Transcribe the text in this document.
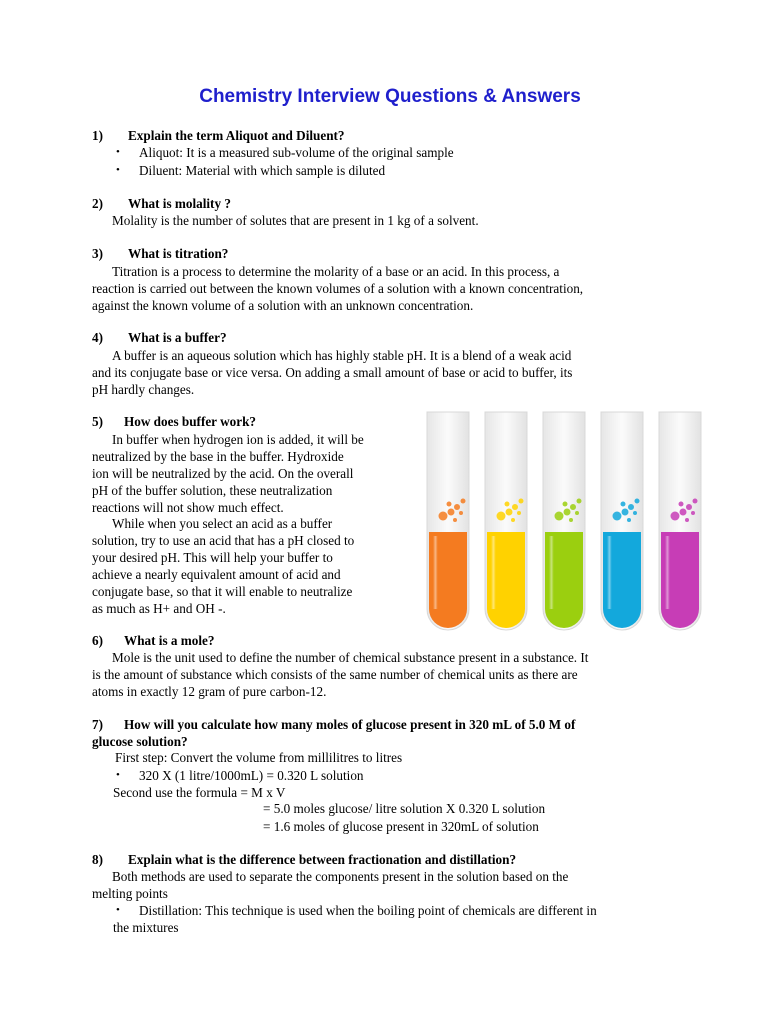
Chemistry Interview Questions & Answers
1) Explain the term Aliquot and Diluent?
• Aliquot: It is a measured sub-volume of the original sample
• Diluent: Material with which sample is diluted
2) What is molality ?
Molality is the number of solutes that are present in 1 kg of a solvent.
3) What is titration?
Titration is a process to determine the molarity of a base or an acid. In this process, a
reaction is carried out between the known volumes of a solution with a known concentration,
against the known volume of a solution with an unknown concentration.
4) What is a buffer?
A buffer is an aqueous solution which has highly stable pH. It is a blend of a weak acid
and its conjugate base or vice versa. On adding a small amount of base or acid to buffer, its
pH hardly changes.
5) How does buffer work?
In buffer when hydrogen ion is added, it will be
neutralized by the base in the buffer. Hydroxide
ion will be neutralized by the acid. On the overall
pH of the buffer solution, these neutralization
reactions will not show much effect.
While when you select an acid as a buffer
solution, try to use an acid that has a pH closed to
your desired pH. This will help your buffer to
achieve a nearly equivalent amount of acid and
conjugate base, so that it will enable to neutralize
as much as H+ and OH -.
6) What is a mole?
Mole is the unit used to define the number of chemical substance present in a substance. It
is the amount of substance which consists of the same number of chemical units as there are
atoms in exactly 12 gram of pure carbon-12.
7) How will you calculate how many moles of glucose present in 320 mL of 5.0 M of
glucose solution?
First step: Convert the volume from millilitres to litres
• 320 X (1 litre/1000mL) = 0.320 L solution
Second use the formula = M x V
= 5.0 moles glucose/ litre solution X 0.320 L solution
= 1.6 moles of glucose present in 320mL of solution
8) Explain what is the difference between fractionation and distillation?
Both methods are used to separate the components present in the solution based on the
melting points
• Distillation: This technique is used when the boiling point of chemicals are different in
the mixtures
